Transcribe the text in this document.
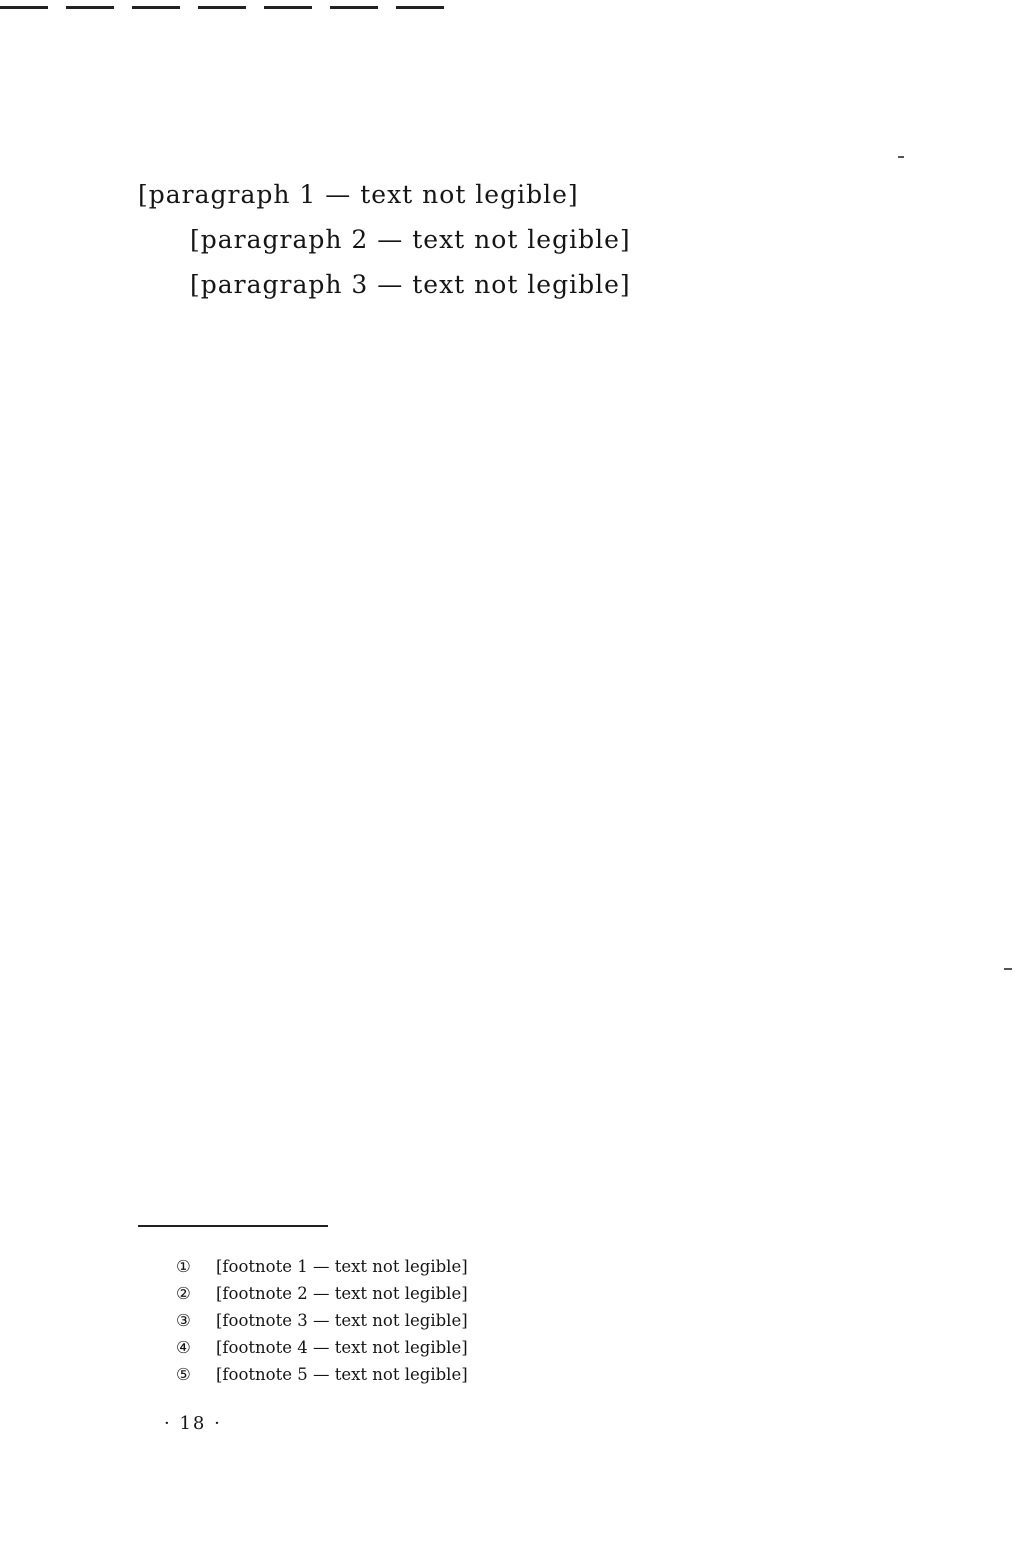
[paragraph 1 — text not legible]

[paragraph 2 — text not legible]

[paragraph 3 — text not legible]

①	[footnote 1 — text not legible]
②	[footnote 2 — text not legible]
③	[footnote 3 — text not legible]
④	[footnote 4 — text not legible]
⑤	[footnote 5 — text not legible]
· 18 ·
